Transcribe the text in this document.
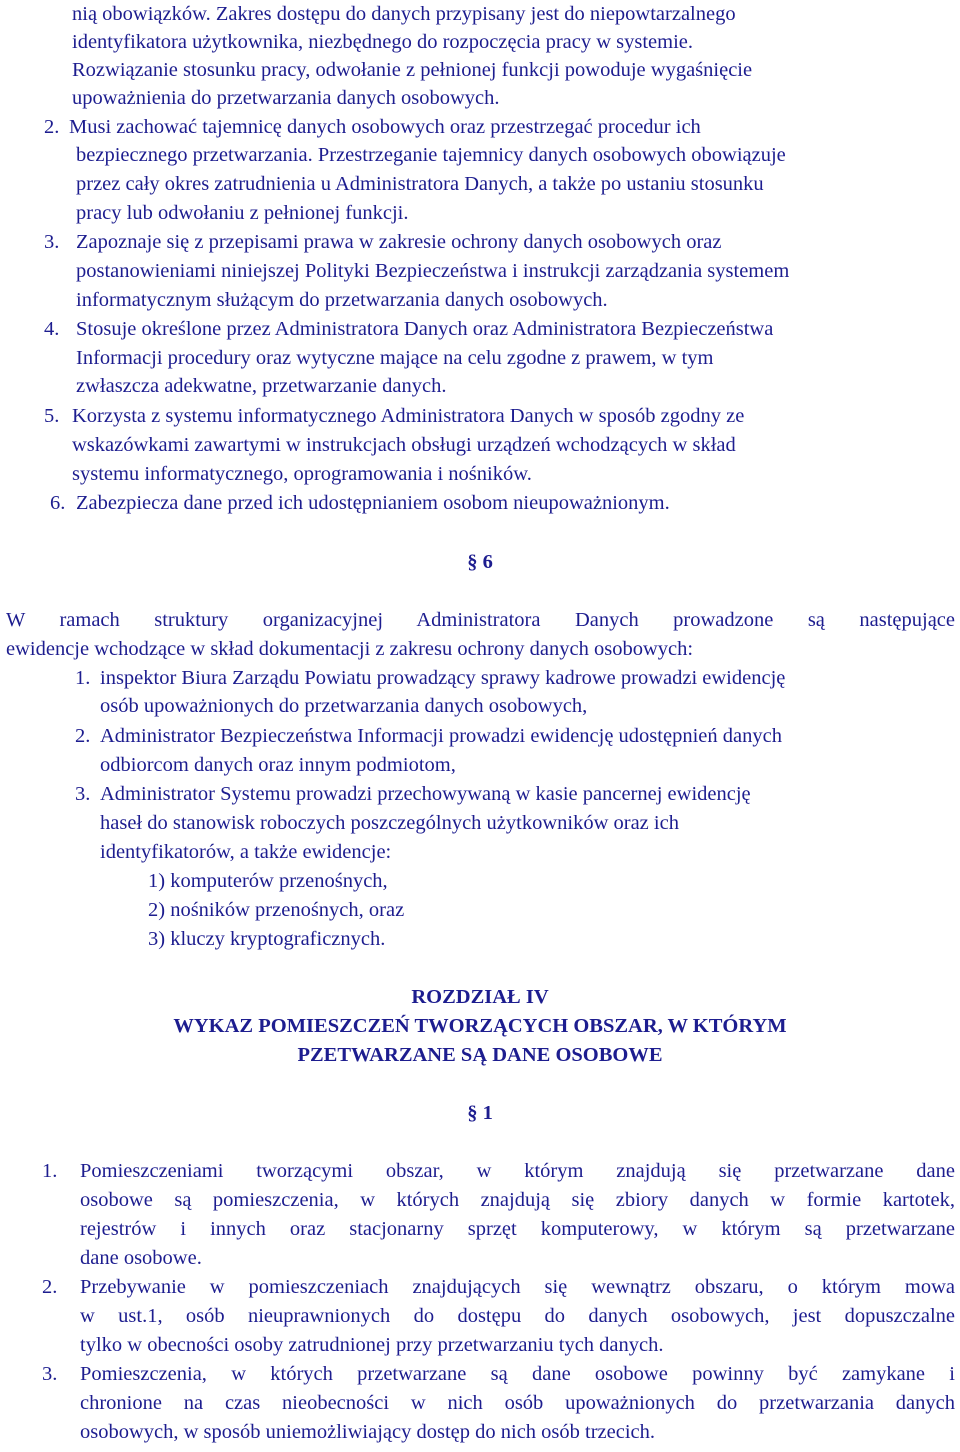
nią obowiązków. Zakres dostępu do danych przypisany jest do niepowtarzalnego
identyfikatora użytkownika, niezbędnego do rozpoczęcia pracy w systemie.
Rozwiązanie stosunku pracy, odwołanie z pełnionej funkcji powoduje wygaśnięcie
upoważnienia do przetwarzania danych osobowych.
2. Musi zachować tajemnicę danych osobowych oraz przestrzegać procedur ich
bezpiecznego przetwarzania. Przestrzeganie tajemnicy danych osobowych obowiązuje
przez cały okres zatrudnienia u Administratora Danych, a także po ustaniu stosunku
pracy lub odwołaniu z pełnionej funkcji.
3. Zapoznaje się z przepisami prawa w zakresie ochrony danych osobowych oraz
postanowieniami niniejszej Polityki Bezpieczeństwa i instrukcji zarządzania systemem
informatycznym służącym do przetwarzania danych osobowych.
4. Stosuje określone przez Administratora Danych oraz Administratora Bezpieczeństwa
Informacji procedury oraz wytyczne mające na celu zgodne z prawem, w tym
zwłaszcza adekwatne, przetwarzanie danych.
5. Korzysta z systemu informatycznego Administratora Danych w sposób zgodny ze
wskazówkami zawartymi w instrukcjach obsługi urządzeń wchodzących w skład
systemu informatycznego, oprogramowania i nośników.
6. Zabezpiecza dane przed ich udostępnianiem osobom nieupoważnionym.
§ 6
W ramach struktury organizacyjnej Administratora Danych prowadzone są następujące
ewidencje wchodzące w skład dokumentacji z zakresu ochrony danych osobowych:
1. inspektor Biura Zarządu Powiatu prowadzący sprawy kadrowe prowadzi ewidencję
osób upoważnionych do przetwarzania danych osobowych,
2. Administrator Bezpieczeństwa Informacji prowadzi ewidencję udostępnień danych
odbiorcom danych oraz innym podmiotom,
3. Administrator Systemu prowadzi przechowywaną w kasie pancernej ewidencję
haseł do stanowisk roboczych poszczególnych użytkowników oraz ich
identyfikatorów, a także ewidencje:
1) komputerów przenośnych,
2) nośników przenośnych, oraz
3) kluczy kryptograficznych.
ROZDZIAŁ IV
WYKAZ POMIESZCZEŃ TWORZĄCYCH OBSZAR, W KTÓRYM
PZETWARZANE SĄ DANE OSOBOWE
§ 1
1. Pomieszczeniami tworzącymi obszar, w którym znajdują się przetwarzane dane
osobowe są pomieszczenia, w których znajdują się zbiory danych w formie kartotek,
rejestrów i innych oraz stacjonarny sprzęt komputerowy, w którym są przetwarzane
dane osobowe.
2. Przebywanie w pomieszczeniach znajdujących się wewnątrz obszaru, o którym mowa
w ust.1, osób nieuprawnionych do dostępu do danych osobowych, jest dopuszczalne
tylko w obecności osoby zatrudnionej przy przetwarzaniu tych danych.
3. Pomieszczenia, w których przetwarzane są dane osobowe powinny być zamykane i
chronione na czas nieobecności w nich osób upoważnionych do przetwarzania danych
osobowych, w sposób uniemożliwiający dostęp do nich osób trzecich.
